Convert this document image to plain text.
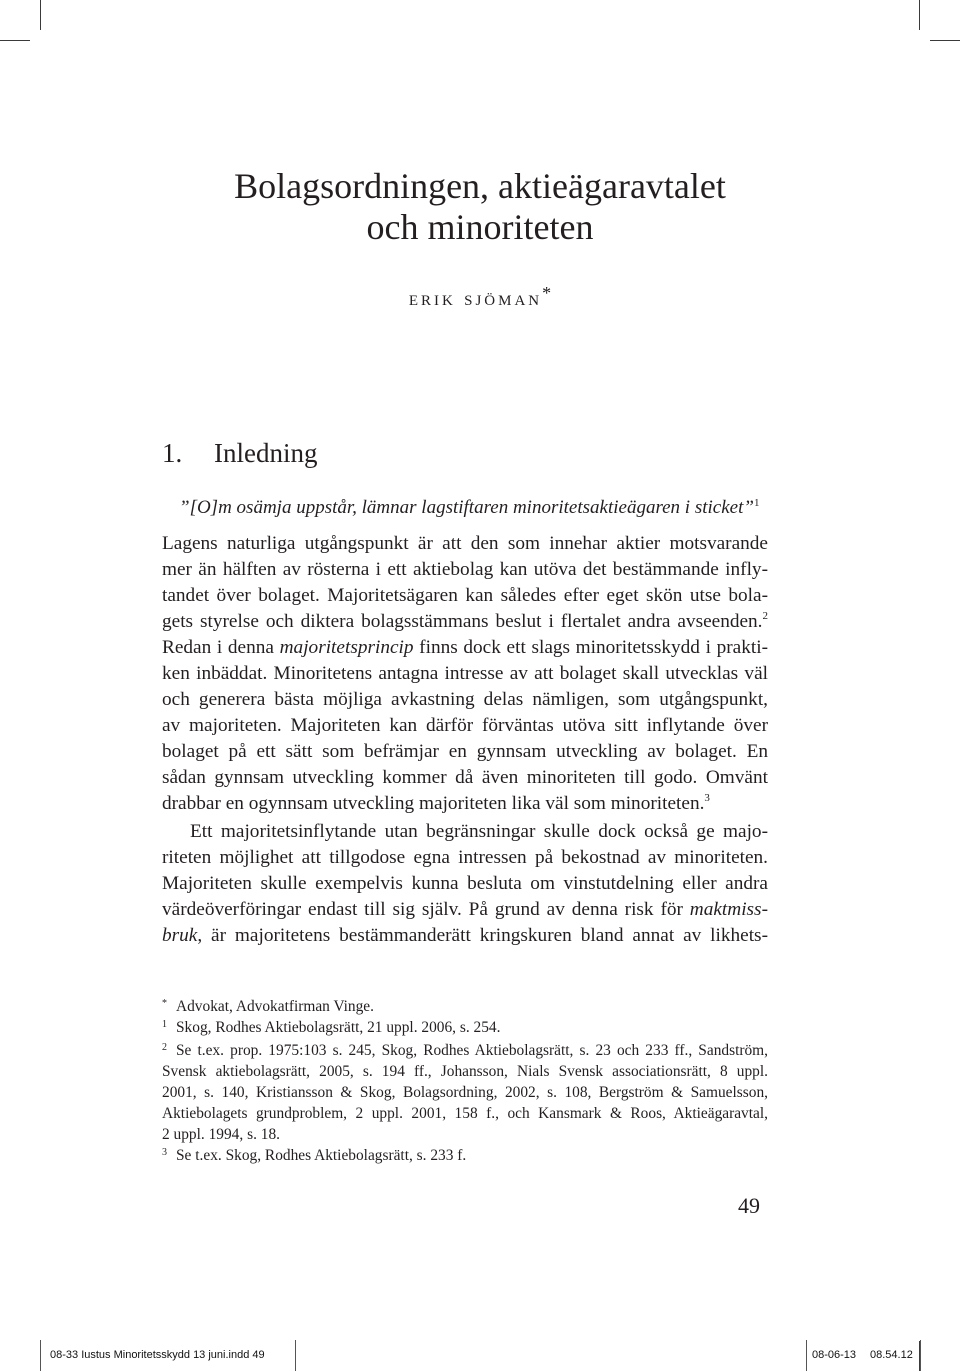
Bolagsordningen, aktieägaravtalet
och minoriteten
erik sjöman*
1. Inledning
”[O]m osämja uppstår, lämnar lagstiftaren minoritetsaktieägaren i sticket”$^1$
Lagens naturliga utgångspunkt är att den som innehar aktier motsvarande
mer än hälften av rösterna i ett aktiebolag kan utöva det bestämmande infly-
tandet över bolaget. Majoritetsägaren kan således efter eget skön utse bola-
gets styrelse och diktera bolagsstämmans beslut i flertalet andra avseenden.$^2$
Redan i denna majoritetsprincip finns dock ett slags minoritetsskydd i prakti-
ken inbäddat. Minoritetens antagna intresse av att bolaget skall utvecklas väl
och generera bästa möjliga avkastning delas nämligen, som utgångspunkt,
av majoriteten. Majoriteten kan därför förväntas utöva sitt inflytande över
bolaget på ett sätt som befrämjar en gynnsam utveckling av bolaget. En
sådan gynnsam utveckling kommer då även minoriteten till godo. Omvänt
drabbar en ogynnsam utveckling majoriteten lika väl som minoriteten.$^3$
Ett majoritetsinflytande utan begränsningar skulle dock också ge majo-
riteten möjlighet att tillgodose egna intressen på bekostnad av minoriteten.
Majoriteten skulle exempelvis kunna besluta om vinstutdelning eller andra
värdeöverföringar endast till sig själv. På grund av denna risk för maktmiss-
bruk, är majoritetens bestämmanderätt kringskuren bland annat av likhets-
* Advokat, Advokatfirman Vinge.
1 Skog, Rodhes Aktiebolagsrätt, 21 uppl. 2006, s. 254.
2 Se t.ex. prop. 1975:103 s. 245, Skog, Rodhes Aktiebolagsrätt, s. 23 och 233 ff., Sandström,
Svensk aktiebolagsrätt, 2005, s. 194 ff., Johansson, Nials Svensk associationsrätt, 8 uppl.
2001, s. 140, Kristiansson & Skog, Bolagsordning, 2002, s. 108, Bergström & Samuelsson,
Aktiebolagets grundproblem, 2 uppl. 2001, 158 f., och Kansmark & Roos, Aktieägaravtal,
2 uppl. 1994, s. 18.
3 Se t.ex. Skog, Rodhes Aktiebolagsrätt, s. 233 f.
49
08-33 Iustus Minoritetsskydd 13 juni.indd 49	08-06-13 08.54.12
